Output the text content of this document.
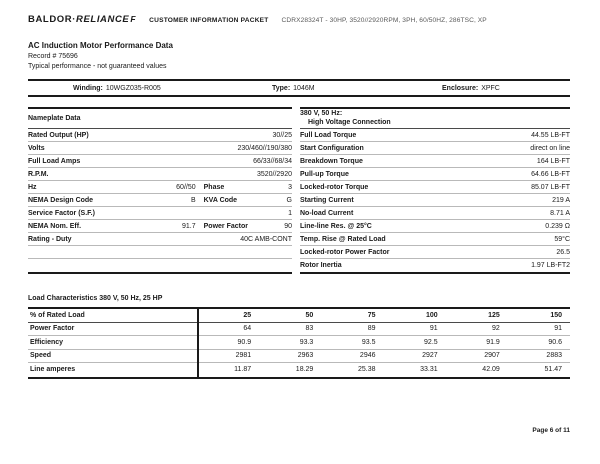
BALDOR·RELIANCEF CUSTOMER INFORMATION PACKET CDRX28324T - 30HP, 3520//2920RPM, 3PH, 60/50HZ, 286TSC, XP
AC Induction Motor Performance Data
Record # 75696
Typical performance - not guaranteed values
Winding: 10WGZ035-R005	Type: 1046M	Enclosure: XPFC
Nameplate Data
Rated Output (HP)	30//25
Volts	230/460//190/380
Full Load Amps	66/33//68/34
R.P.M.	3520//2920
Hz	60//50 Phase	3
NEMA Design Code	B KVA Code	G
Service Factor (S.F.)	1
NEMA Nom. Eff.	91.7 Power Factor	90
Rating - Duty	40C AMB-CONT
380 V, 50 Hz:
High Voltage Connection
Full Load Torque	44.55 LB-FT
Start Configuration	direct on line
Breakdown Torque	164 LB-FT
Pull-up Torque	64.66 LB-FT
Locked-rotor Torque	85.07 LB-FT
Starting Current	219 A
No-load Current	8.71 A
Line-line Res. @ 25°C	0.239 Ω
Temp. Rise @ Rated Load	59°C
Locked-rotor Power Factor	26.5
Rotor Inertia	1.97 LB-FT2
Load Characteristics 380 V, 50 Hz, 25 HP
% of Rated Load	25	50	75	100	125	150
Power Factor	64	83	89	91	92	91
Efficiency	90.9	93.3	93.5	92.5	91.9	90.6
Speed	2981	2963	2946	2927	2907	2883
Line amperes	11.87	18.29	25.38	33.31	42.09	51.47
Page 6 of 11
